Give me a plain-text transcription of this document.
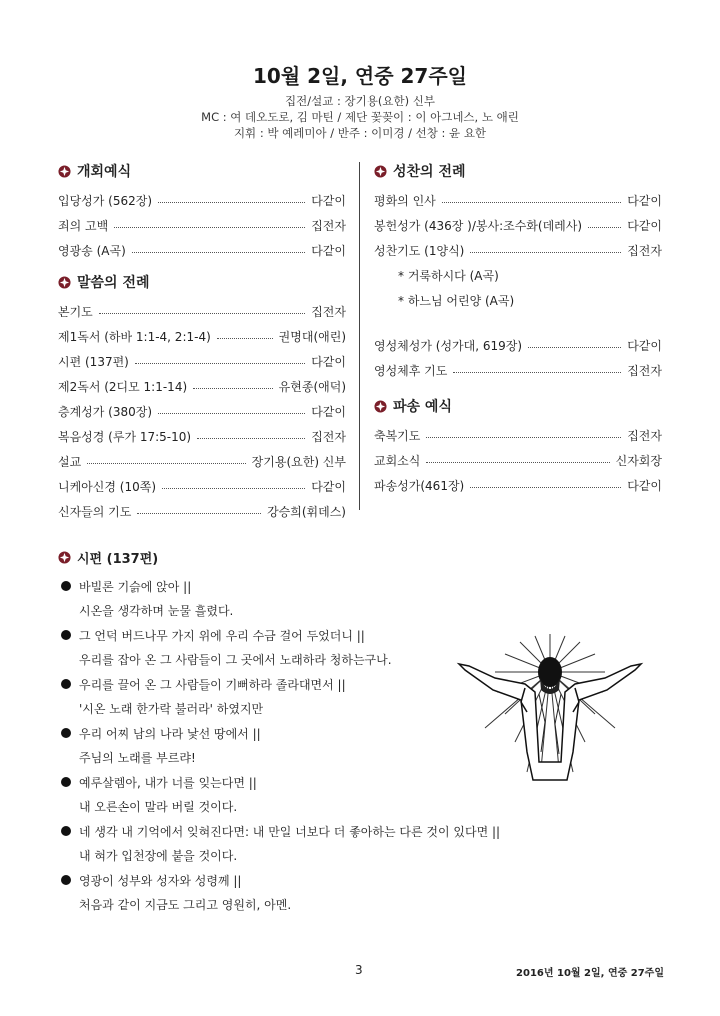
10월 2일, 연중 27주일
집전/설교 : 장기용(요한) 신부
MC : 여 데오도로, 김 마틴 / 제단 꽃꽂이 : 이 아그네스, 노 애린
지휘 : 박 예레미아 / 반주 : 이미경 / 선창 : 윤 요한
개회예식
입당성가 (562장)	다같이
죄의 고백	집전자
영광송 (A곡)	다같이
말씀의 전례
본기도	집전자
제1독서 (하바 1:1-4, 2:1-4)	권명대(애린)
시편 (137편)	다같이
제2독서 (2디모 1:1-14)	유현종(애덕)
층계성가 (380장)	다같이
복음성경 (루가 17:5-10)	집전자
설교	장기용(요한) 신부
니케아신경 (10쪽)	다같이
신자들의 기도	강승희(휘데스)
성찬의 전례
평화의 인사	다같이
봉헌성가 (436장 )/봉사:조수화(데레사)	다같이
성찬기도 (1양식)	집전자
* 거룩하시다 (A곡)
* 하느님 어린양 (A곡)
영성체성가 (성가대, 619장)	다같이
영성체후 기도	집전자
파송 예식
축복기도	집전자
교회소식	신자회장
파송성가(461장)	다같이
시편 (137편)
바빌론 기슭에 앉아 ||
시온을 생각하며 눈물 흘렸다.
그 언덕 버드나무 가지 위에 우리 수금 걸어 두었더니 ||
우리를 잡아 온 그 사람들이 그 곳에서 노래하라 청하는구나.
우리를 끌어 온 그 사람들이 기뻐하라 졸라대면서 ||
'시온 노래 한가락 불러라' 하였지만
우리 어찌 남의 나라 낯선 땅에서 ||
주님의 노래를 부르랴!
예루살렘아, 내가 너를 잊는다면 ||
내 오른손이 말라 버릴 것이다.
네 생각 내 기억에서 잊혀진다면: 내 만일 너보다 더 좋아하는 다른 것이 있다면 ||
내 혀가 입천장에 붙을 것이다.
영광이 성부와 성자와 성령께 ||
처음과 같이 지금도 그리고 영원히, 아멘.
3	2016년 10월 2일, 연중 27주일
